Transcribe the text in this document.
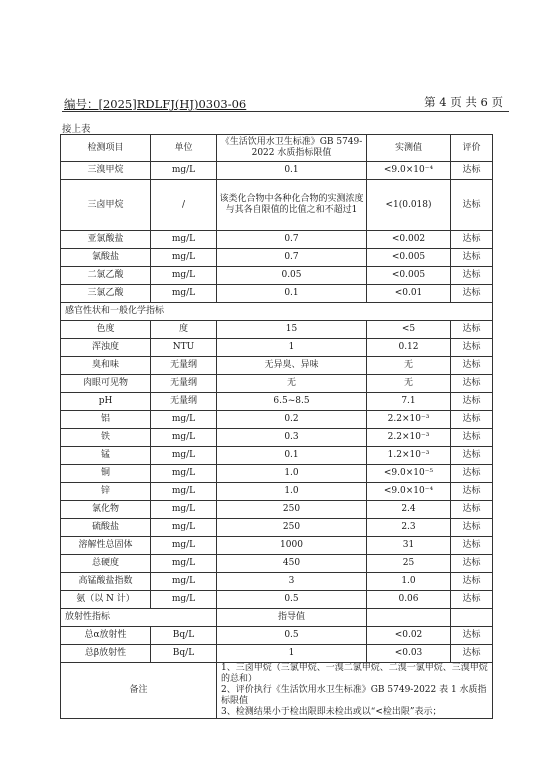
编号：[2025]RDLFJ(HJ)0303-06	第 4 页 共 6 页
接上表
检测项目	单位	《生活饮用水卫生标准》GB 5749-2022 水质指标限值	实测值	评价
三溴甲烷	mg/L	0.1	<9.0×10⁻⁴	达标
三卤甲烷	/	该类化合物中各种化合物的实测浓度与其各自限值的比值之和不超过1	<1(0.018)	达标
亚氯酸盐	mg/L	0.7	<0.002	达标
氯酸盐	mg/L	0.7	<0.005	达标
二氯乙酸	mg/L	0.05	<0.005	达标
三氯乙酸	mg/L	0.1	<0.01	达标
感官性状和一般化学指标				
色度	度	15	<5	达标
浑浊度	NTU	1	0.12	达标
臭和味	无量纲	无异臭、异味	无	达标
肉眼可见物	无量纲	无	无	达标
pH	无量纲	6.5~8.5	7.1	达标
铝	mg/L	0.2	2.2×10⁻³	达标
铁	mg/L	0.3	2.2×10⁻³	达标
锰	mg/L	0.1	1.2×10⁻³	达标
铜	mg/L	1.0	<9.0×10⁻⁵	达标
锌	mg/L	1.0	<9.0×10⁻⁴	达标
氯化物	mg/L	250	2.4	达标
硫酸盐	mg/L	250	2.3	达标
溶解性总固体	mg/L	1000	31	达标
总硬度	mg/L	450	25	达标
高锰酸盐指数	mg/L	3	1.0	达标
氨（以 N 计）	mg/L	0.5	0.06	达标
放射性指标		指导值		
总α放射性	Bq/L	0.5	<0.02	达标
总β放射性	Bq/L	1	<0.03	达标
备注		1、三卤甲烷（三氯甲烷、一溴二氯甲烷、二溴一氯甲烷、三溴甲烷的总和）
2、评价执行《生活饮用水卫生标准》GB 5749-2022 表 1 水质指标限值
3、检测结果小于检出限即未检出或以“<检出限”表示；		
